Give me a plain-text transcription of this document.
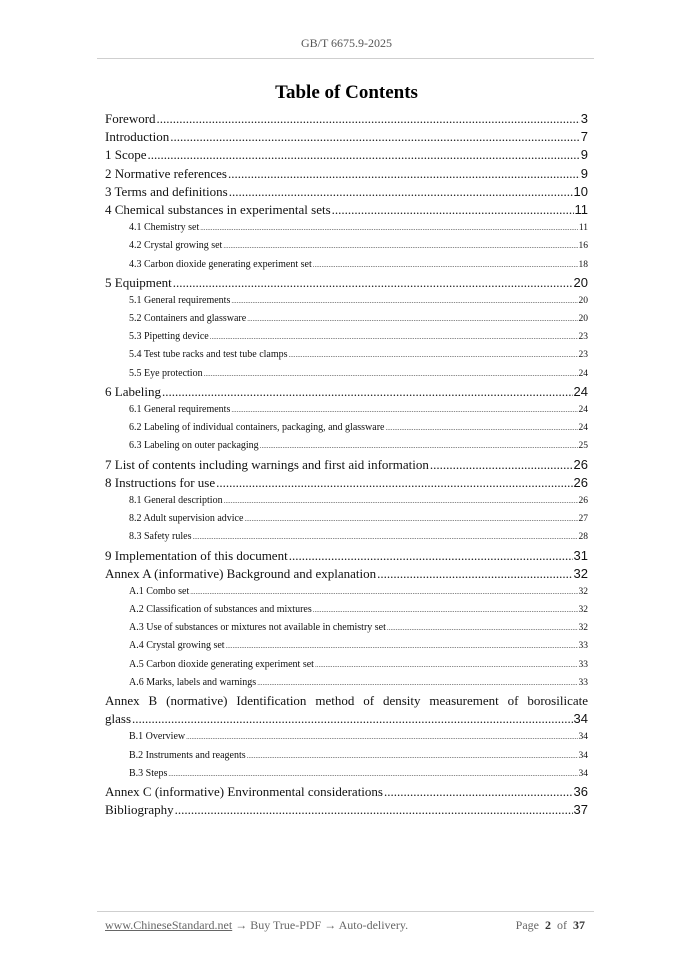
GB/T 6675.9-2025
Table of Contents
Foreword .....	3
Introduction .....	7
1 Scope .....	9
2 Normative references .....	9
3 Terms and definitions .....	10
4 Chemical substances in experimental sets .....	11
4.1 Chemistry set .....	11
4.2 Crystal growing set .....	16
4.3 Carbon dioxide generating experiment set .....	18
5 Equipment .....	20
5.1 General requirements .....	20
5.2 Containers and glassware .....	20
5.3 Pipetting device .....	23
5.4 Test tube racks and test tube clamps .....	23
5.5 Eye protection .....	24
6 Labeling .....	24
6.1 General requirements .....	24
6.2 Labeling of individual containers, packaging, and glassware .....	24
6.3 Labeling on outer packaging .....	25
7 List of contents including warnings and first aid information .....	26
8 Instructions for use .....	26
8.1 General description .....	26
8.2 Adult supervision advice .....	27
8.3 Safety rules .....	28
9 Implementation of this document .....	31
Annex A (informative) Background and explanation .....	32
A.1 Combo set .....	32
A.2 Classification of substances and mixtures .....	32
A.3 Use of substances or mixtures not available in chemistry set .....	32
A.4 Crystal growing set .....	33
A.5 Carbon dioxide generating experiment set .....	33
A.6 Marks, labels and warnings .....	33
Annex B (normative) Identification method of density measurement of borosilicate
glass .....	34
B.1 Overview .....	34
B.2 Instruments and reagents .....	34
B.3 Steps .....	34
Annex C (informative) Environmental considerations .....	36
Bibliography .....	37
www.ChineseStandard.net → Buy True-PDF → Auto-delivery.	Page 2 of 37
